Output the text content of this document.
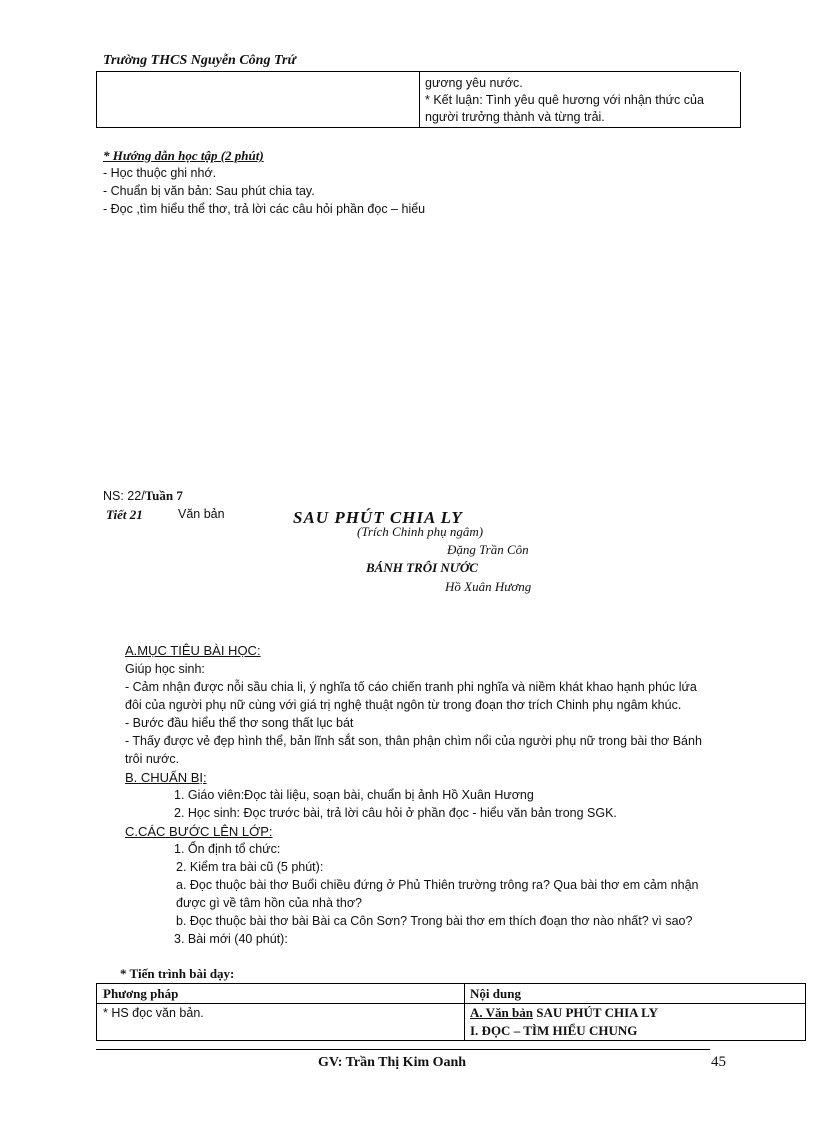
Trường THCS Nguyễn Công Trứ
gương yêu nước.
* Kết luận: Tình yêu quê hương với nhận thức của
người trưởng thành và từng trải.
* Hướng dẫn học tập (2 phút)
- Học thuộc ghi nhớ.
- Chuẩn bị văn bản: Sau phút chia tay.
- Đọc ,tìm hiểu thể thơ, trả lời các câu hỏi phần đọc – hiểu
NS: 22/Tuần 7
Tiết 21	Văn bản	SAU PHÚT CHIA LY
(Trích Chinh phụ ngâm)
Đặng Trần Côn
BÁNH TRÔI NƯỚC
Hồ Xuân Hương
A.MỤC TIÊU BÀI HỌC:
Giúp học sinh:
- Cảm nhận được nỗi sầu chia li, ý nghĩa tố cáo chiến tranh phi nghĩa và niềm khát khao hạnh phúc lứa
đôi của người phụ nữ cùng với giá trị nghệ thuật ngôn từ trong đoạn thơ trích Chinh phụ ngâm khúc.
- Bước đầu hiểu thể thơ song thất lục bát
- Thấy được vẻ đẹp hình thể, bản lĩnh sắt son, thân phận chìm nổi của người phụ nữ trong bài thơ Bánh
trôi nước.
B. CHUẨN BỊ:
1. Giáo viên:Đọc tài liệu, soạn bài, chuẩn bị ảnh Hồ Xuân Hương
2. Học sinh: Đọc trước bài, trả lời câu hỏi ở phần đọc - hiểu văn bản trong SGK.
C.CÁC BƯỚC LÊN LỚP:
1. Ổn định tổ chức:
2. Kiểm tra bài cũ (5 phút):
a. Đọc thuộc bài thơ Buổi chiều đứng ở Phủ Thiên trường trông ra? Qua bài thơ em cảm nhận
được gì về tâm hồn của nhà thơ?
b. Đọc thuộc bài thơ bài Bài ca Côn Sơn? Trong bài thơ em thích đoạn thơ nào nhất? vì sao?
3. Bài mới (40 phút):
* Tiến trình bài dạy:
Phương pháp	Nội dung
* HS đọc văn bản.	A. Văn bản SAU PHÚT CHIA LY
I. ĐỌC – TÌM HIỂU CHUNG
GV: Trần Thị Kim Oanh	45
